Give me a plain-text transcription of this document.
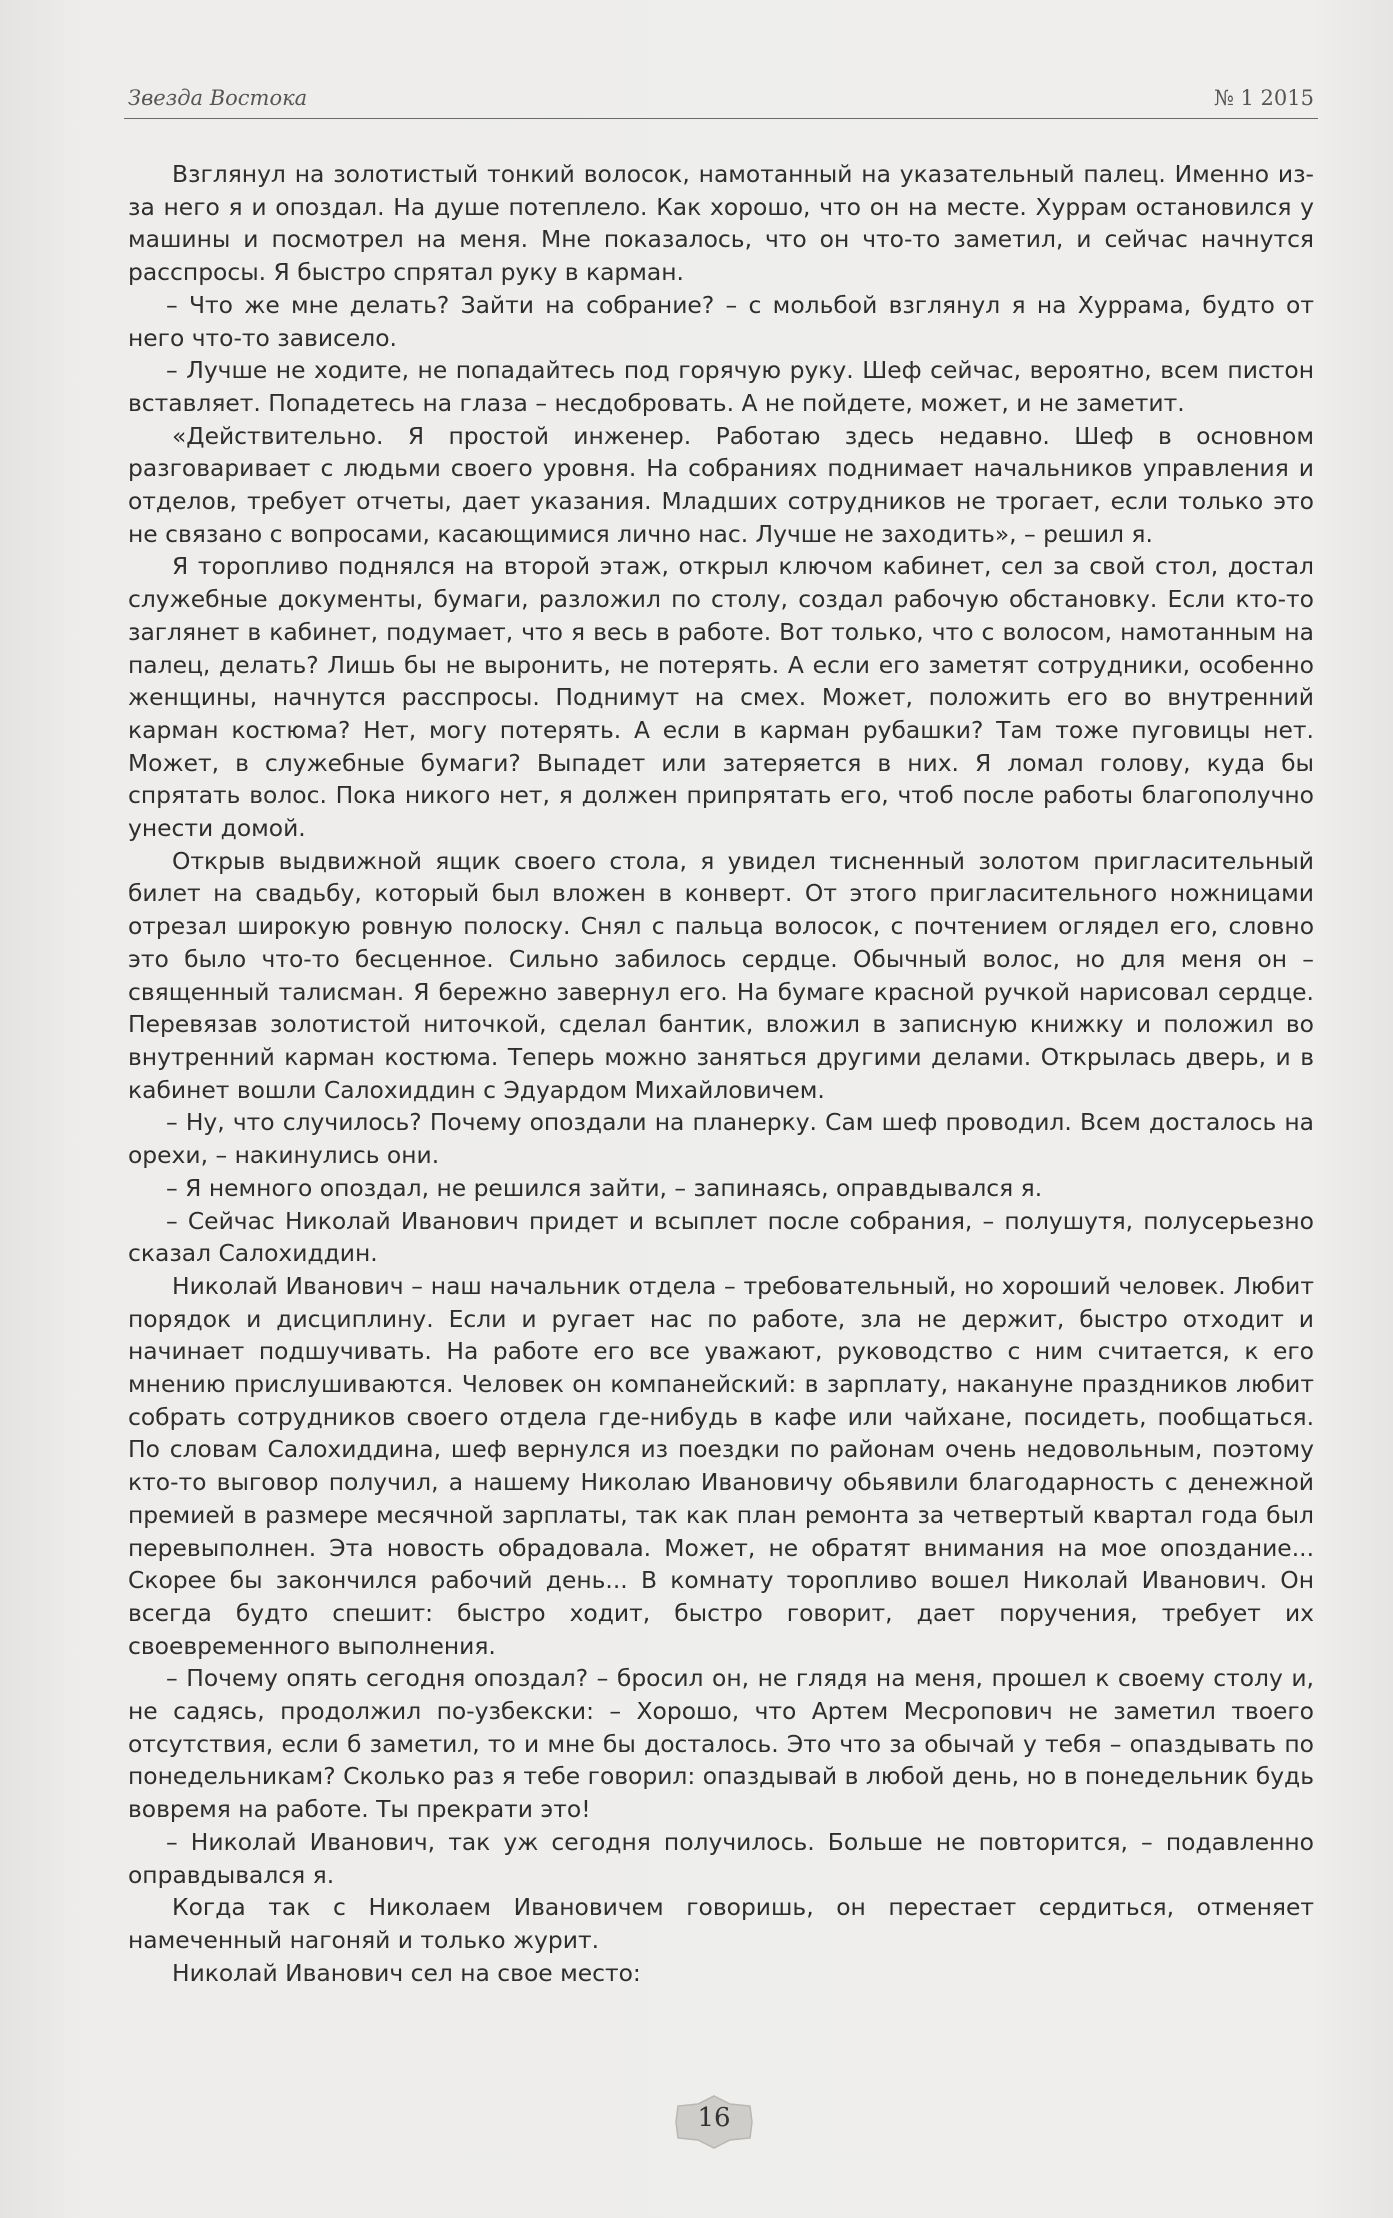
Звезда Востока	№ 1 2015

Взглянул на золотистый тонкий волосок, намотанный на указательный палец. Именно из-за него я и опоздал. На душе потеплело. Как хорошо, что он на месте. Хуррам остановился у машины и посмотрел на меня. Мне показалось, что он что-то заметил, и сейчас начнутся расспросы. Я быстро спрятал руку в карман.

– Что же мне делать? Зайти на собрание? – с мольбой взглянул я на Хуррама, будто от него что-то зависело.

– Лучше не ходите, не попадайтесь под горячую руку. Шеф сейчас, вероятно, всем пистон вставляет. Попадетесь на глаза – несдобровать. А не пойдете, может, и не заметит.

«Действительно. Я простой инженер. Работаю здесь недавно. Шеф в основном разговаривает с людьми своего уровня. На собраниях поднимает начальников управления и отделов, требует отчеты, дает указания. Младших сотрудников не трогает, если только это не связано с вопросами, касающимися лично нас. Лучше не заходить», – решил я.

Я торопливо поднялся на второй этаж, открыл ключом кабинет, сел за свой стол, достал служебные документы, бумаги, разложил по столу, создал рабочую обстановку. Если кто-то заглянет в кабинет, подумает, что я весь в работе. Вот только, что с волосом, намотанным на палец, делать? Лишь бы не выронить, не потерять. А если его заметят сотрудники, особенно женщины, начнутся расспросы. Поднимут на смех. Может, положить его во внутренний карман костюма? Нет, могу потерять. А если в карман рубашки? Там тоже пуговицы нет. Может, в служебные бумаги? Выпадет или затеряется в них. Я ломал голову, куда бы спрятать волос. Пока никого нет, я должен припрятать его, чтоб после работы благополучно унести домой.

Открыв выдвижной ящик своего стола, я увидел тисненный золотом пригласительный билет на свадьбу, который был вложен в конверт. От этого пригласительного ножницами отрезал широкую ровную полоску. Снял с пальца волосок, с почтением оглядел его, словно это было что-то бесценное. Сильно забилось сердце. Обычный волос, но для меня он – священный талисман. Я бережно завернул его. На бумаге красной ручкой нарисовал сердце. Перевязав золотистой ниточкой, сделал бантик, вложил в записную книжку и положил во внутренний карман костюма. Теперь можно заняться другими делами. Открылась дверь, и в кабинет вошли Салохиддин с Эдуардом Михайловичем.

– Ну, что случилось? Почему опоздали на планерку. Сам шеф проводил. Всем досталось на орехи, – накинулись они.

– Я немного опоздал, не решился зайти, – запинаясь, оправдывался я.

– Сейчас Николай Иванович придет и всыплет после собрания, – полушутя, полусерьезно сказал Салохиддин.

Николай Иванович – наш начальник отдела – требовательный, но хороший человек. Любит порядок и дисциплину. Если и ругает нас по работе, зла не держит, быстро отходит и начинает подшучивать. На работе его все уважают, руководство с ним считается, к его мнению прислушиваются. Человек он компанейский: в зарплату, накануне праздников любит собрать сотрудников своего отдела где-нибудь в кафе или чайхане, посидеть, пообщаться. По словам Салохиддина, шеф вернулся из поездки по районам очень недовольным, поэтому кто-то выговор получил, а нашему Николаю Ивановичу обьявили благодарность с денежной премией в размере месячной зарплаты, так как план ремонта за четвертый квартал года был перевыполнен. Эта новость обрадовала. Может, не обратят внимания на мое опоздание... Скорее бы закончился рабочий день... В комнату торопливо вошел Николай Иванович. Он всегда будто спешит: быстро ходит, быстро говорит, дает поручения, требует их своевременного выполнения.

– Почему опять сегодня опоздал? – бросил он, не глядя на меня, прошел к своему столу и, не садясь, продолжил по-узбекски: – Хорошо, что Артем Месропович не заметил твоего отсутствия, если б заметил, то и мне бы досталось. Это что за обычай у тебя – опаздывать по понедельникам? Сколько раз я тебе говорил: опаздывай в любой день, но в понедельник будь вовремя на работе. Ты прекрати это!

– Николай Иванович, так уж сегодня получилось. Больше не повторится, – подавленно оправдывался я.

Когда так с Николаем Ивановичем говоришь, он перестает сердиться, отменяет намеченный нагоняй и только журит.

Николай Иванович сел на свое место:

16
